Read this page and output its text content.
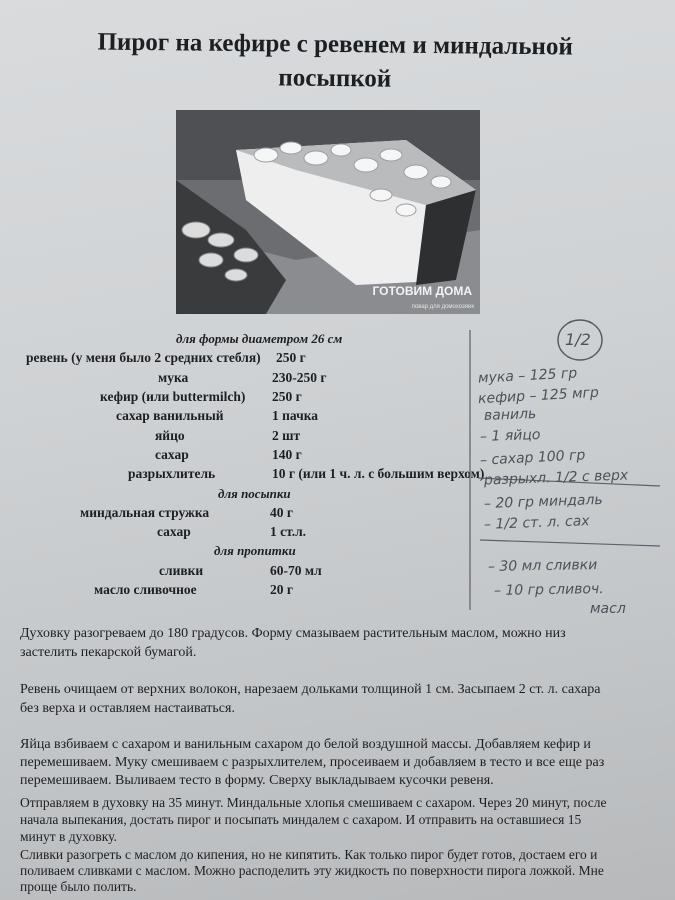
Пирог на кефире с ревенем и миндальной посыпкой
ГОТОВИМ ДОМА
повар для домохозяек
для формы диаметром 26 см
ревень (у меня было 2 средних стебля) 250 г
мука	230-250 г
кефир (или buttermilch) 250 г
сахар ванильный	1 пачка
яйцо	2 шт
сахар	140 г
разрыхлитель	10 г (или 1 ч. л. с большим верхом)
для посыпки
миндальная стружка	40 г
сахар	1 ст.л.
для пропитки
сливки	60-70 мл
масло сливочное	20 г
1/2
мука – 125 гр
кефир – 125 мгр
ваниль
– 1 яйцо
– сахар 100 гр
разрыхл. 1/2 с верх
– 20 гр миндаль
– 1/2 ст. л. сах
– 30 мл сливки
– 10 гр сливоч.
масл
Духовку разогреваем до 180 градусов. Форму смазываем растительным маслом, можно низ застелить пекарской бумагой.
Ревень очищаем от верхних волокон, нарезаем дольками толщиной 1 см. Засыпаем 2 ст. л. сахара без верха и оставляем настаиваться.
Яйца взбиваем с сахаром и ванильным сахаром до белой воздушной массы. Добавляем кефир и перемешиваем. Муку смешиваем с разрыхлителем, просеиваем и добавляем в тесто и все еще раз перемешиваем. Выливаем тесто в форму. Сверху выкладываем кусочки ревеня.
Отправляем в духовку на 35 минут. Миндальные хлопья смешиваем с сахаром. Через 20 минут, после начала выпекания, достать пирог и посыпать миндалем с сахаром. И отправить на оставшиеся 15 минут в духовку.
Сливки разогреть с маслом до кипения, но не кипятить. Как только пирог будет готов, достаем его и поливаем сливками с маслом. Можно расподелить эту жидкость по поверхности пирога ложкой. Мне проще было полить.
